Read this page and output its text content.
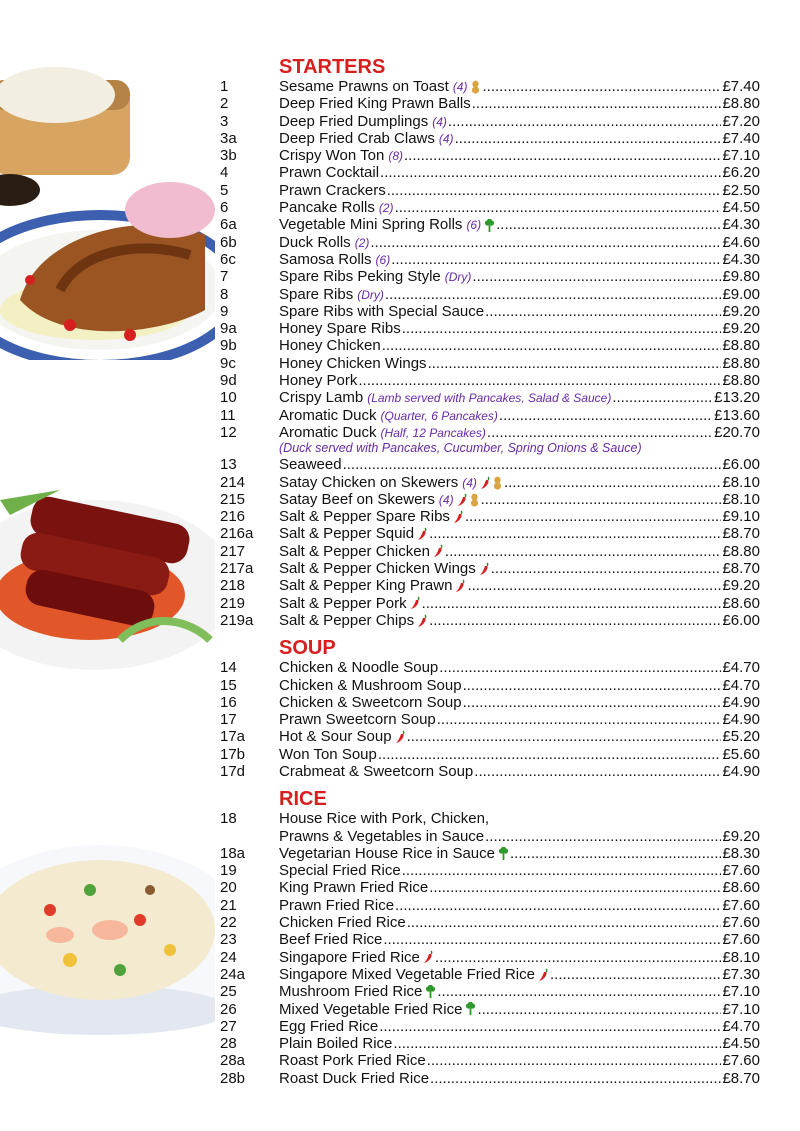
STARTERS
1	Sesame Prawns on Toast (4) .....	£7.40
2	Deep Fried King Prawn Balls .....	£8.80
3	Deep Fried Dumplings (4) .....	£7.20
3a	Deep Fried Crab Claws (4) .....	£7.40
3b	Crispy Won Ton (8) .....	£7.10
4	Prawn Cocktail .....	£6.20
5	Prawn Crackers .....	£2.50
6	Pancake Rolls (2) .....	£4.50
6a	Vegetable Mini Spring Rolls (6) .....	£4.30
6b	Duck Rolls (2) .....	£4.60
6c	Samosa Rolls (6) .....	£4.30
7	Spare Ribs Peking Style (Dry) .....	£9.80
8	Spare Ribs (Dry) .....	£9.00
9	Spare Ribs with Special Sauce .....	£9.20
9a	Honey Spare Ribs .....	£9.20
9b	Honey Chicken .....	£8.80
9c	Honey Chicken Wings .....	£8.80
9d	Honey Pork .....	£8.80
10	Crispy Lamb (Lamb served with Pancakes, Salad & Sauce) .....	£13.20
11	Aromatic Duck (Quarter, 6 Pancakes) .....	£13.60
12	Aromatic Duck (Half, 12 Pancakes) .....	£20.70
(Duck served with Pancakes, Cucumber, Spring Onions & Sauce)
13	Seaweed .....	£6.00
214	Satay Chicken on Skewers (4) .....	£8.10
215	Satay Beef on Skewers (4) .....	£8.10
216	Salt & Pepper Spare Ribs .....	£9.10
216a	Salt & Pepper Squid .....	£8.70
217	Salt & Pepper Chicken .....	£8.80
217a	Salt & Pepper Chicken Wings .....	£8.70
218	Salt & Pepper King Prawn .....	£9.20
219	Salt & Pepper Pork .....	£8.60
219a	Salt & Pepper Chips .....	£6.00
SOUP
14	Chicken & Noodle Soup .....	£4.70
15	Chicken & Mushroom Soup .....	£4.70
16	Chicken & Sweetcorn Soup .....	£4.90
17	Prawn Sweetcorn Soup .....	£4.90
17a	Hot & Sour Soup .....	£5.20
17b	Won Ton Soup .....	£5.60
17d	Crabmeat & Sweetcorn Soup .....	£4.90
RICE
18	House Rice with Pork, Chicken,
Prawns & Vegetables in Sauce .....	£9.20
18a	Vegetarian House Rice in Sauce .....	£8.30
19	Special Fried Rice .....	£7.60
20	King Prawn Fried Rice .....	£8.60
21	Prawn Fried Rice .....	£7.60
22	Chicken Fried Rice .....	£7.60
23	Beef Fried Rice .....	£7.60
24	Singapore Fried Rice .....	£8.10
24a	Singapore Mixed Vegetable Fried Rice .....	£7.30
25	Mushroom Fried Rice .....	£7.10
26	Mixed Vegetable Fried Rice .....	£7.10
27	Egg Fried Rice .....	£4.70
28	Plain Boiled Rice .....	£4.50
28a	Roast Pork Fried Rice .....	£7.60
28b	Roast Duck Fried Rice .....	£8.70
